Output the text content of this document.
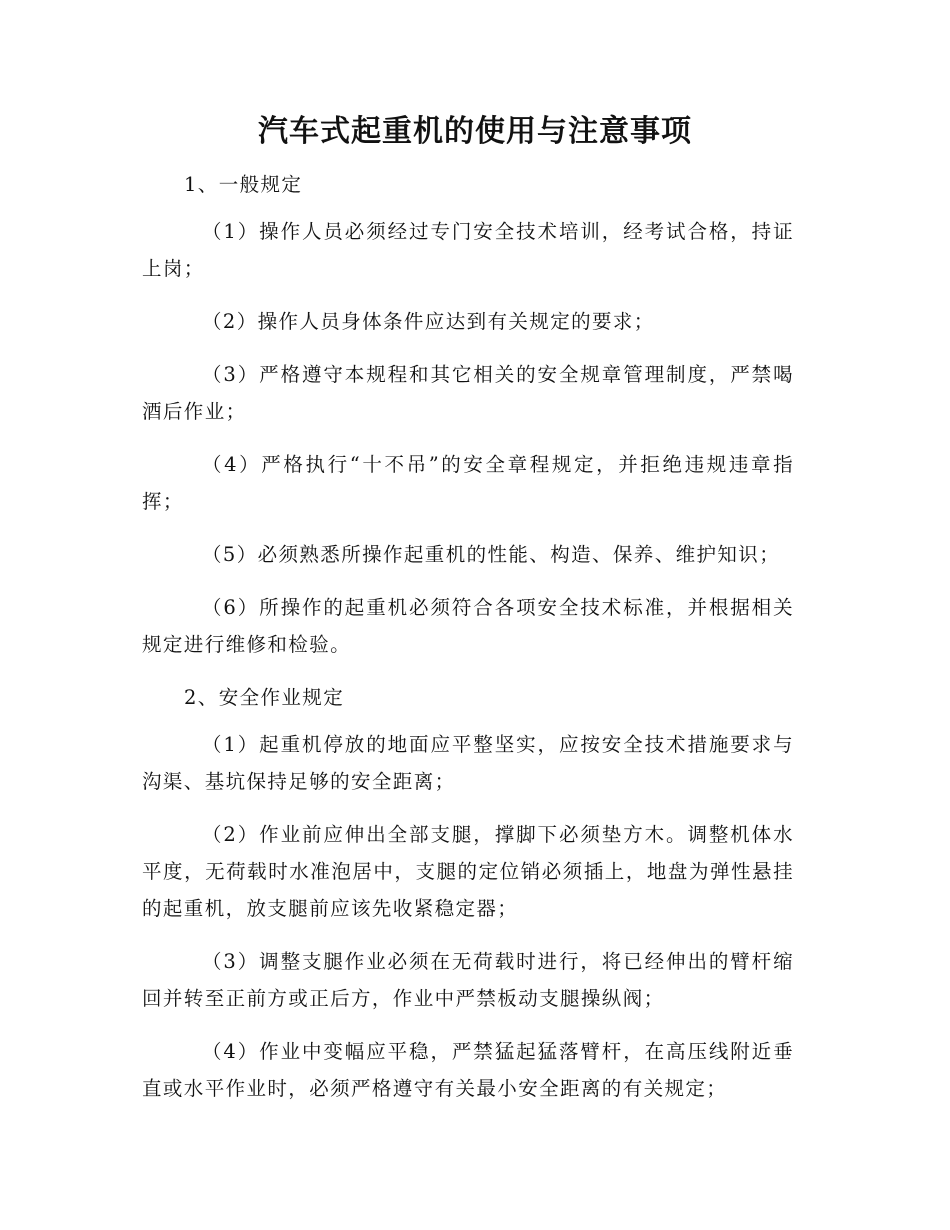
汽车式起重机的使用与注意事项

1、一般规定

（1）操作人员必须经过专门安全技术培训，经考试合格，持证上岗；

（2）操作人员身体条件应达到有关规定的要求；

（3）严格遵守本规程和其它相关的安全规章管理制度，严禁喝酒后作业；

（4）严格执行“十不吊”的安全章程规定，并拒绝违规违章指挥；

（5）必须熟悉所操作起重机的性能、构造、保养、维护知识；

（6）所操作的起重机必须符合各项安全技术标准，并根据相关规定进行维修和检验。

2、安全作业规定

（1）起重机停放的地面应平整坚实，应按安全技术措施要求与沟渠、基坑保持足够的安全距离；

（2）作业前应伸出全部支腿，撑脚下必须垫方木。调整机体水平度，无荷载时水准泡居中，支腿的定位销必须插上，地盘为弹性悬挂的起重机，放支腿前应该先收紧稳定器；

（3）调整支腿作业必须在无荷载时进行，将已经伸出的臂杆缩回并转至正前方或正后方，作业中严禁板动支腿操纵阀；

（4）作业中变幅应平稳，严禁猛起猛落臂杆，在高压线附近垂直或水平作业时，必须严格遵守有关最小安全距离的有关规定；
